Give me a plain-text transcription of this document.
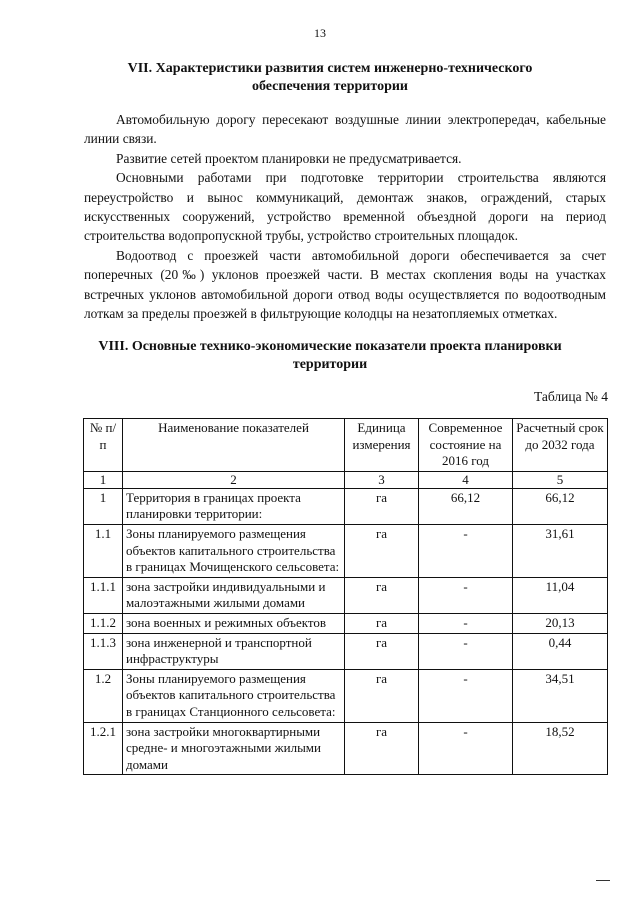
13
VII. Характеристики развития систем инженерно-технического
обеспечения территории

Автомобильную дорогу пересекают воздушные линии электропередач, кабельные линии связи.

Развитие сетей проектом планировки не предусматривается.

Основными работами при подготовке территории строительства являются переустройство и вынос коммуникаций, демонтаж знаков, ограждений, старых искусственных сооружений, устройство временной объездной дороги на период строительства водопропускной трубы, устройство строительных площадок.

Водоотвод с проезжей части автомобильной дороги обеспечивается за счет поперечных (20‰) уклонов проезжей части. В местах скопления воды на участках встречных уклонов автомобильной дороги отвод воды осуществляется по водоотводным лоткам за пределы проезжей в фильтрующие колодцы на незатопляемых отметках.

VIII. Основные технико-экономические показатели проекта планировки
территории
Таблица № 4
№ п/п	Наименование показателей	Единица измерения	Современное состояние на 2016 год	Расчетный срок до 2032 года
1	2	3	4	5
1	Территория в границах проекта планировки территории:	га	66,12	66,12
1.1	Зоны планируемого размещения объектов капитального строительства в границах Мочищенского сельсовета:	га	-	31,61
1.1.1	зона застройки индивидуальными и малоэтажными жилыми домами	га	-	11,04
1.1.2	зона военных и режимных объектов	га	-	20,13
1.1.3	зона инженерной и транспортной инфраструктуры	га	-	0,44
1.2	Зоны планируемого размещения объектов капитального строительства в границах Станционного сельсовета:	га	-	34,51
1.2.1	зона застройки многоквартирными средне- и многоэтажными жилыми домами	га	-	18,52
